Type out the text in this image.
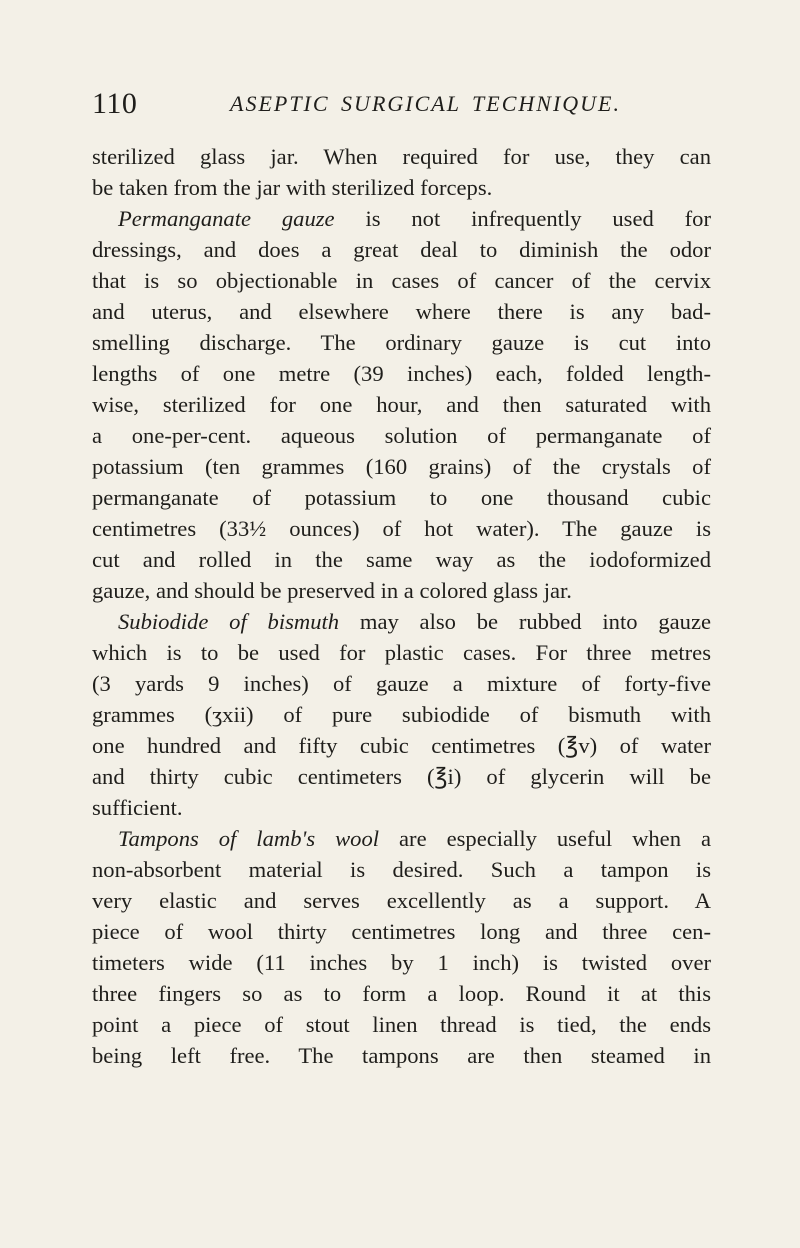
110	ASEPTIC SURGICAL TECHNIQUE.
sterilized glass jar. When required for use, they can
be taken from the jar with sterilized forceps.
Permanganate gauze is not infrequently used for
dressings, and does a great deal to diminish the odor
that is so objectionable in cases of cancer of the cervix
and uterus, and elsewhere where there is any bad-
smelling discharge. The ordinary gauze is cut into
lengths of one metre (39 inches) each, folded length-
wise, sterilized for one hour, and then saturated with
a one-per-cent. aqueous solution of permanganate of
potassium (ten grammes (160 grains) of the crystals of
permanganate of potassium to one thousand cubic
centimetres (33½ ounces) of hot water). The gauze is
cut and rolled in the same way as the iodoformized
gauze, and should be preserved in a colored glass jar.
Subiodide of bismuth may also be rubbed into gauze
which is to be used for plastic cases. For three metres
(3 yards 9 inches) of gauze a mixture of forty-five
grammes (ʒxii) of pure subiodide of bismuth with
one hundred and fifty cubic centimetres (℥v) of water
and thirty cubic centimeters (℥i) of glycerin will be
sufficient.
Tampons of lamb's wool are especially useful when a
non-absorbent material is desired. Such a tampon is
very elastic and serves excellently as a support. A
piece of wool thirty centimetres long and three cen-
timeters wide (11 inches by 1 inch) is twisted over
three fingers so as to form a loop. Round it at this
point a piece of stout linen thread is tied, the ends
being left free. The tampons are then steamed in
